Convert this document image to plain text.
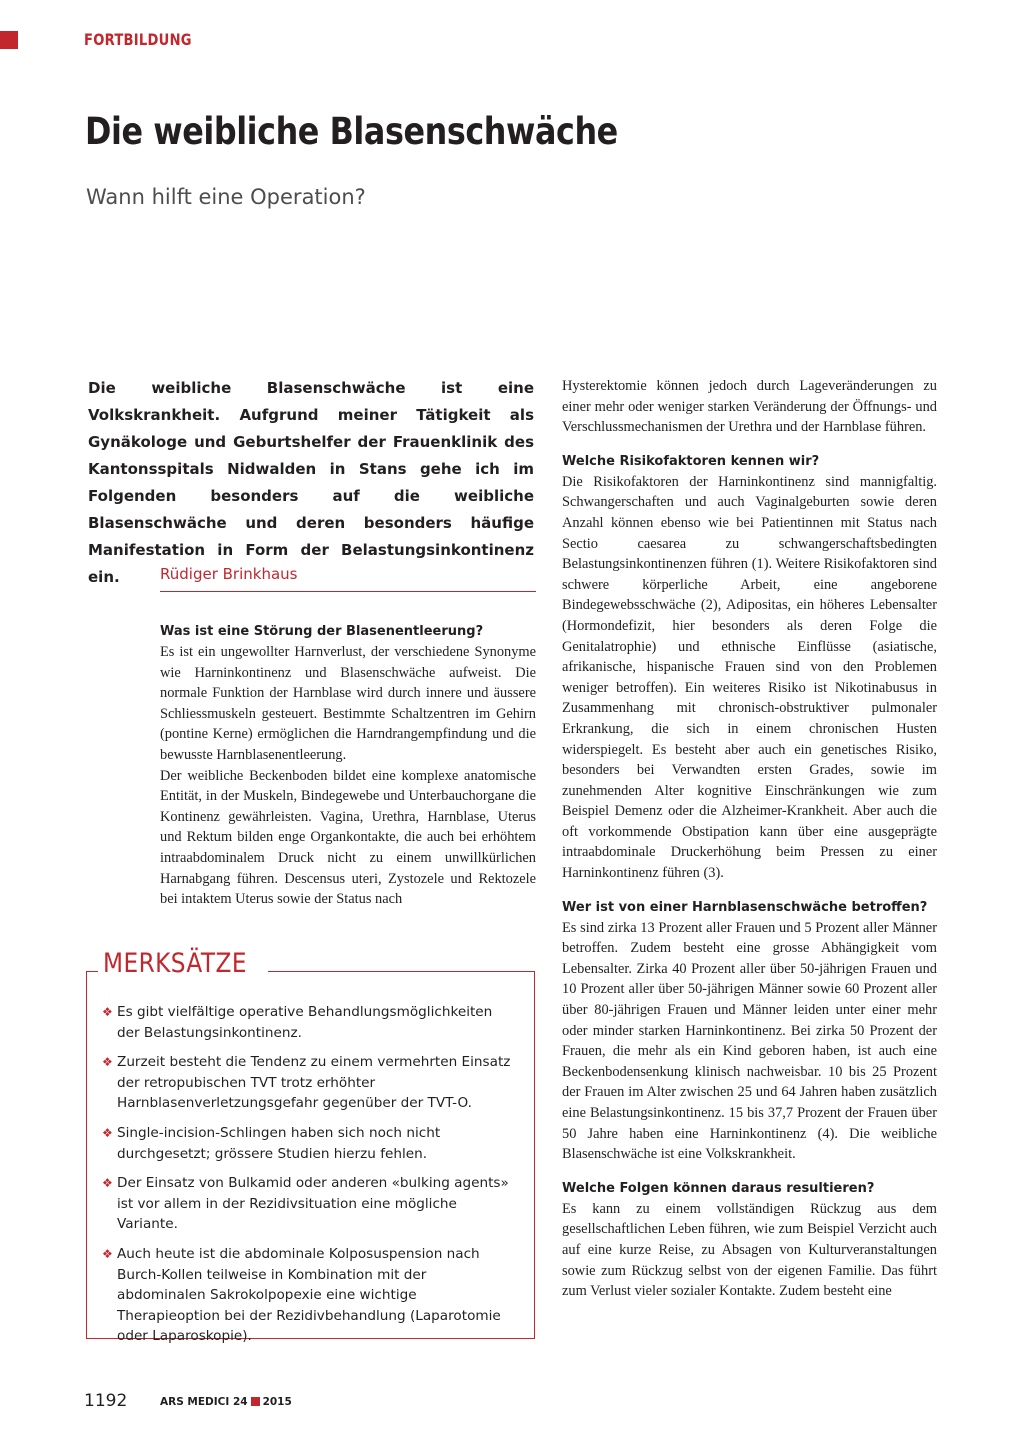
FORTBILDUNG
Die weibliche Blasenschwäche
Wann hilft eine Operation?
Die weibliche Blasenschwäche ist eine Volkskrankheit. Aufgrund meiner Tätigkeit als Gynäkologe und Geburtshelfer der Frauenklinik des Kantonsspitals Nidwalden in Stans gehe ich im Folgenden besonders auf die weibliche Blasenschwäche und deren besonders häufige Manifestation in Form der Belastungsinkontinenz ein.	Rüdiger Brinkhaus
Was ist eine Störung der Blasenentleerung?

Es ist ein ungewollter Harnverlust, der verschiedene Synonyme wie Harninkontinenz und Blasenschwäche aufweist. Die normale Funktion der Harnblase wird durch innere und äussere Schliessmuskeln gesteuert. Bestimmte Schaltzentren im Gehirn (pontine Kerne) ermöglichen die Harndrangempfindung und die bewusste Harnblasenentleerung.

Der weibliche Beckenboden bildet eine komplexe anatomische Entität, in der Muskeln, Bindegewebe und Unterbauchorgane die Kontinenz gewährleisten. Vagina, Urethra, Harnblase, Uterus und Rektum bilden enge Organkontakte, die auch bei erhöhtem intraabdominalem Druck nicht zu einem unwillkürlichen Harnabgang führen. Descensus uteri, Zystozele und Rektozele bei intaktem Uterus sowie der Status nach

MERKSÄTZE
❖ Es gibt vielfältige operative Behandlungsmöglichkeiten der Belastungsinkontinenz.
❖ Zurzeit besteht die Tendenz zu einem vermehrten Einsatz der retropubischen TVT trotz erhöhter Harnblasenverletzungsgefahr gegenüber der TVT-O.
❖ Single-incision-Schlingen haben sich noch nicht durchgesetzt; grössere Studien hierzu fehlen.
❖ Der Einsatz von Bulkamid oder anderen «bulking agents» ist vor allem in der Rezidivsituation eine mögliche Variante.
❖ Auch heute ist die abdominale Kolposuspension nach Burch-Kollen teilweise in Kombination mit der abdominalen Sakrokolpopexie eine wichtige Therapieoption bei der Rezidivbehandlung (Laparotomie oder Laparoskopie).
Hysterektomie können jedoch durch Lageveränderungen zu einer mehr oder weniger starken Veränderung der Öffnungs- und Verschlussmechanismen der Urethra und der Harnblase führen.
Welche Risikofaktoren kennen wir?
Die Risikofaktoren der Harninkontinenz sind mannigfaltig. Schwangerschaften und auch Vaginalgeburten sowie deren Anzahl können ebenso wie bei Patientinnen mit Status nach Sectio caesarea zu schwangerschaftsbedingten Belastungsinkontinenzen führen (1). Weitere Risikofaktoren sind schwere körperliche Arbeit, eine angeborene Bindegewebsschwäche (2), Adipositas, ein höheres Lebensalter (Hormondefizit, hier besonders als deren Folge die Genitalatrophie) und ethnische Einflüsse (asiatische, afrikanische, hispanische Frauen sind von den Problemen weniger betroffen). Ein weiteres Risiko ist Nikotinabusus in Zusammenhang mit chronisch-obstruktiver pulmonaler Erkrankung, die sich in einem chronischen Husten widerspiegelt. Es besteht aber auch ein genetisches Risiko, besonders bei Verwandten ersten Grades, sowie im zunehmenden Alter kognitive Einschränkungen wie zum Beispiel Demenz oder die Alzheimer-Krankheit. Aber auch die oft vorkommende Obstipation kann über eine ausgeprägte intraabdominale Druckerhöhung beim Pressen zu einer Harninkontinenz führen (3).
Wer ist von einer Harnblasenschwäche betroffen?
Es sind zirka 13 Prozent aller Frauen und 5 Prozent aller Männer betroffen. Zudem besteht eine grosse Abhängigkeit vom Lebensalter. Zirka 40 Prozent aller über 50-jährigen Frauen und 10 Prozent aller über 50-jährigen Männer sowie 60 Prozent aller über 80-jährigen Frauen und Männer leiden unter einer mehr oder minder starken Harninkontinenz. Bei zirka 50 Prozent der Frauen, die mehr als ein Kind geboren haben, ist auch eine Beckenbodensenkung klinisch nachweisbar. 10 bis 25 Prozent der Frauen im Alter zwischen 25 und 64 Jahren haben zusätzlich eine Belastungsinkontinenz. 15 bis 37,7 Prozent der Frauen über 50 Jahre haben eine Harninkontinenz (4). Die weibliche Blasenschwäche ist eine Volkskrankheit.
Welche Folgen können daraus resultieren?
Es kann zu einem vollständigen Rückzug aus dem gesellschaftlichen Leben führen, wie zum Beispiel Verzicht auch auf eine kurze Reise, zu Absagen von Kulturveranstaltungen sowie zum Rückzug selbst von der eigenen Familie. Das führt zum Verlust vieler sozialer Kontakte. Zudem besteht eine
1192	ARS MEDICI 24 2015
